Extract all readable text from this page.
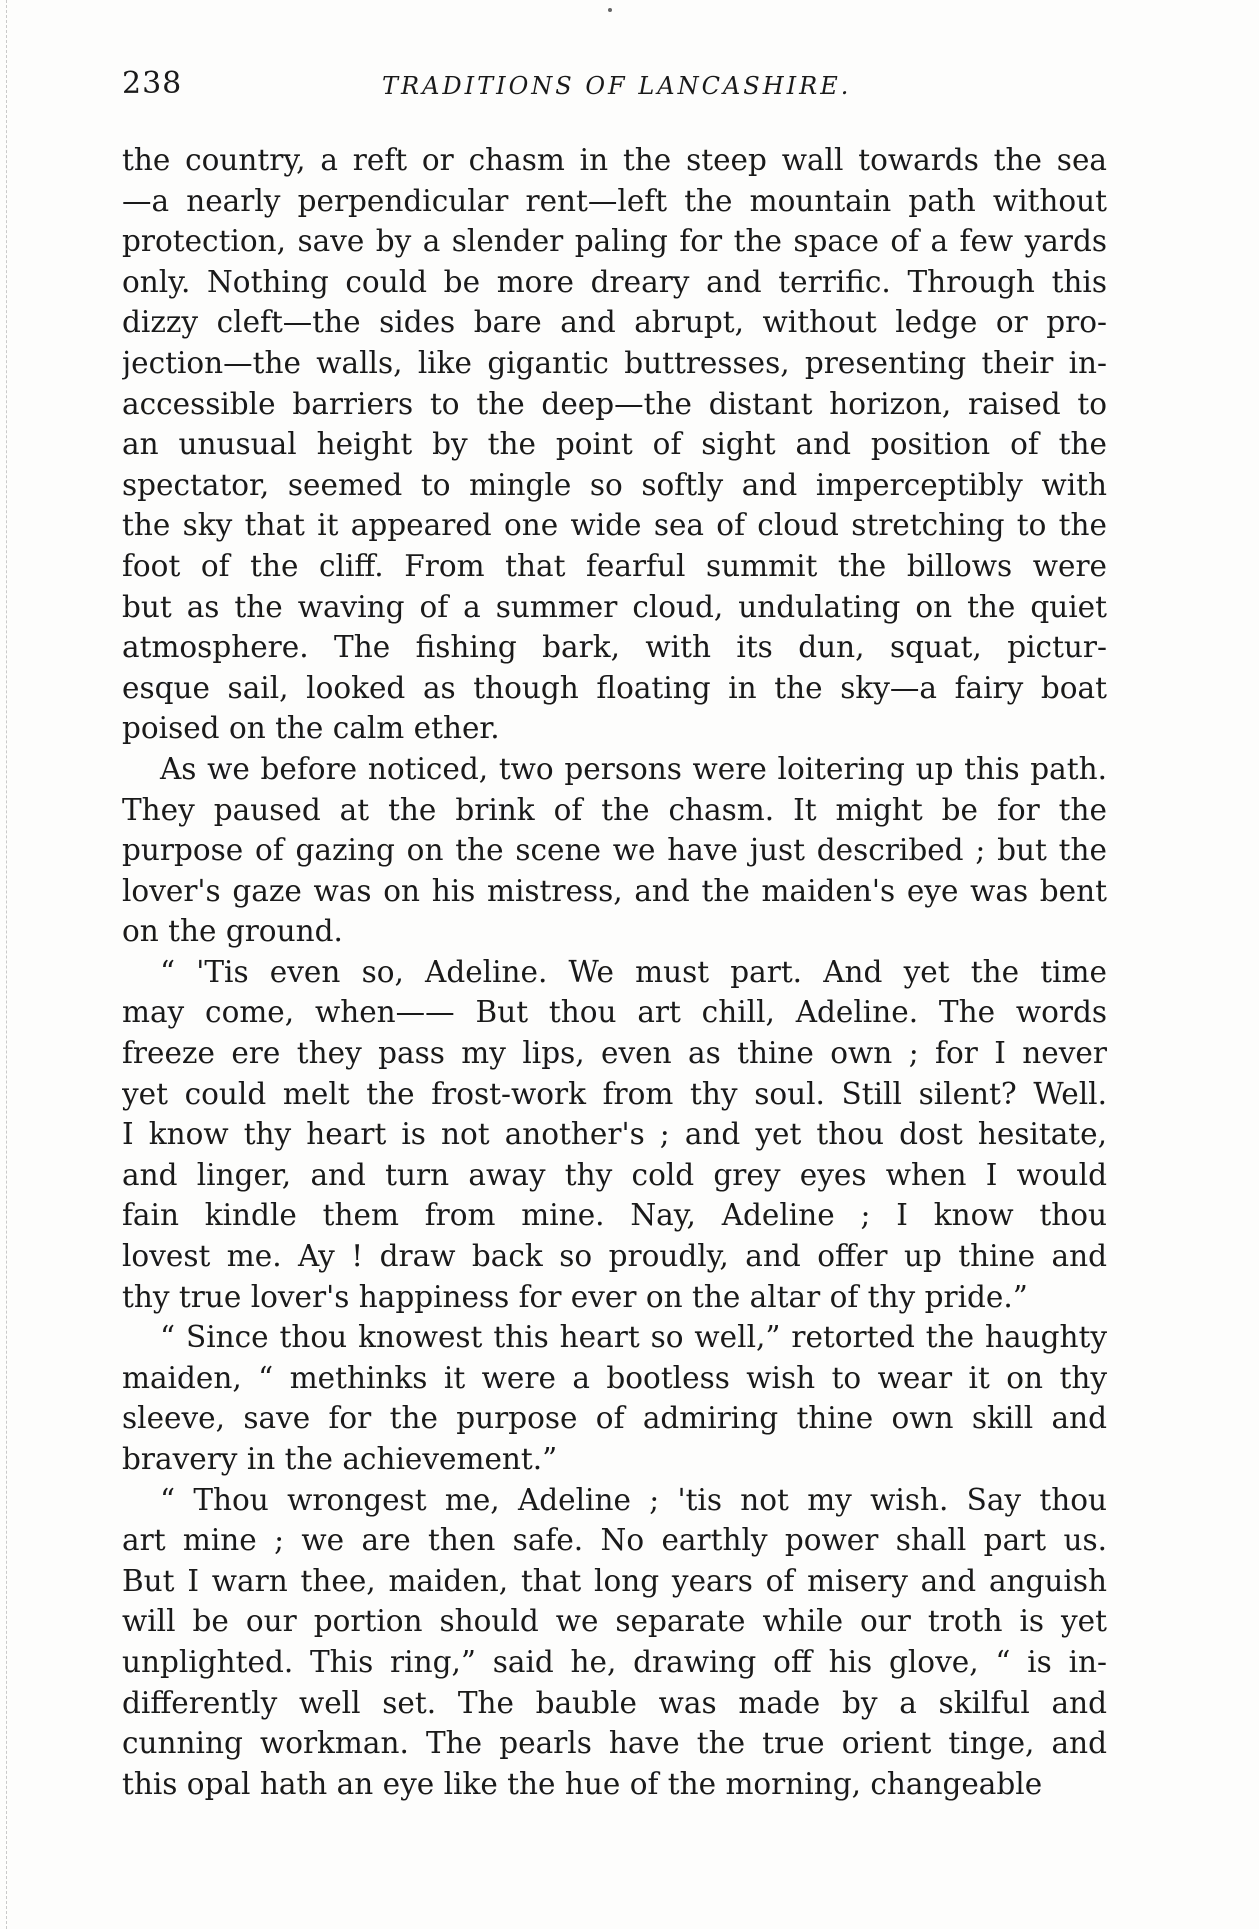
238	TRADITIONS OF LANCASHIRE.
the country, a reft or chasm in the steep wall towards the sea
—a nearly perpendicular rent—left the mountain path without
protection, save by a slender paling for the space of a few yards
only. Nothing could be more dreary and terrific. Through this
dizzy cleft—the sides bare and abrupt, without ledge or pro-
jection—the walls, like gigantic buttresses, presenting their in-
accessible barriers to the deep—the distant horizon, raised to
an unusual height by the point of sight and position of the
spectator, seemed to mingle so softly and imperceptibly with
the sky that it appeared one wide sea of cloud stretching to the
foot of the cliff. From that fearful summit the billows were
but as the waving of a summer cloud, undulating on the quiet
atmosphere. The fishing bark, with its dun, squat, pictur-
esque sail, looked as though floating in the sky—a fairy boat
poised on the calm ether.
As we before noticed, two persons were loitering up this path.
They paused at the brink of the chasm. It might be for the
purpose of gazing on the scene we have just described ; but the
lover's gaze was on his mistress, and the maiden's eye was bent
on the ground.
“ 'Tis even so, Adeline. We must part. And yet the time
may come, when—— But thou art chill, Adeline. The words
freeze ere they pass my lips, even as thine own ; for I never
yet could melt the frost-work from thy soul. Still silent? Well.
I know thy heart is not another's ; and yet thou dost hesitate,
and linger, and turn away thy cold grey eyes when I would
fain kindle them from mine. Nay, Adeline ; I know thou
lovest me. Ay ! draw back so proudly, and offer up thine and
thy true lover's happiness for ever on the altar of thy pride.”
“ Since thou knowest this heart so well,” retorted the haughty
maiden, “ methinks it were a bootless wish to wear it on thy
sleeve, save for the purpose of admiring thine own skill and
bravery in the achievement.”
“ Thou wrongest me, Adeline ; 'tis not my wish. Say thou
art mine ; we are then safe. No earthly power shall part us.
But I warn thee, maiden, that long years of misery and anguish
will be our portion should we separate while our troth is yet
unplighted. This ring,” said he, drawing off his glove, “ is in-
differently well set. The bauble was made by a skilful and
cunning workman. The pearls have the true orient tinge, and
this opal hath an eye like the hue of the morning, changeable
